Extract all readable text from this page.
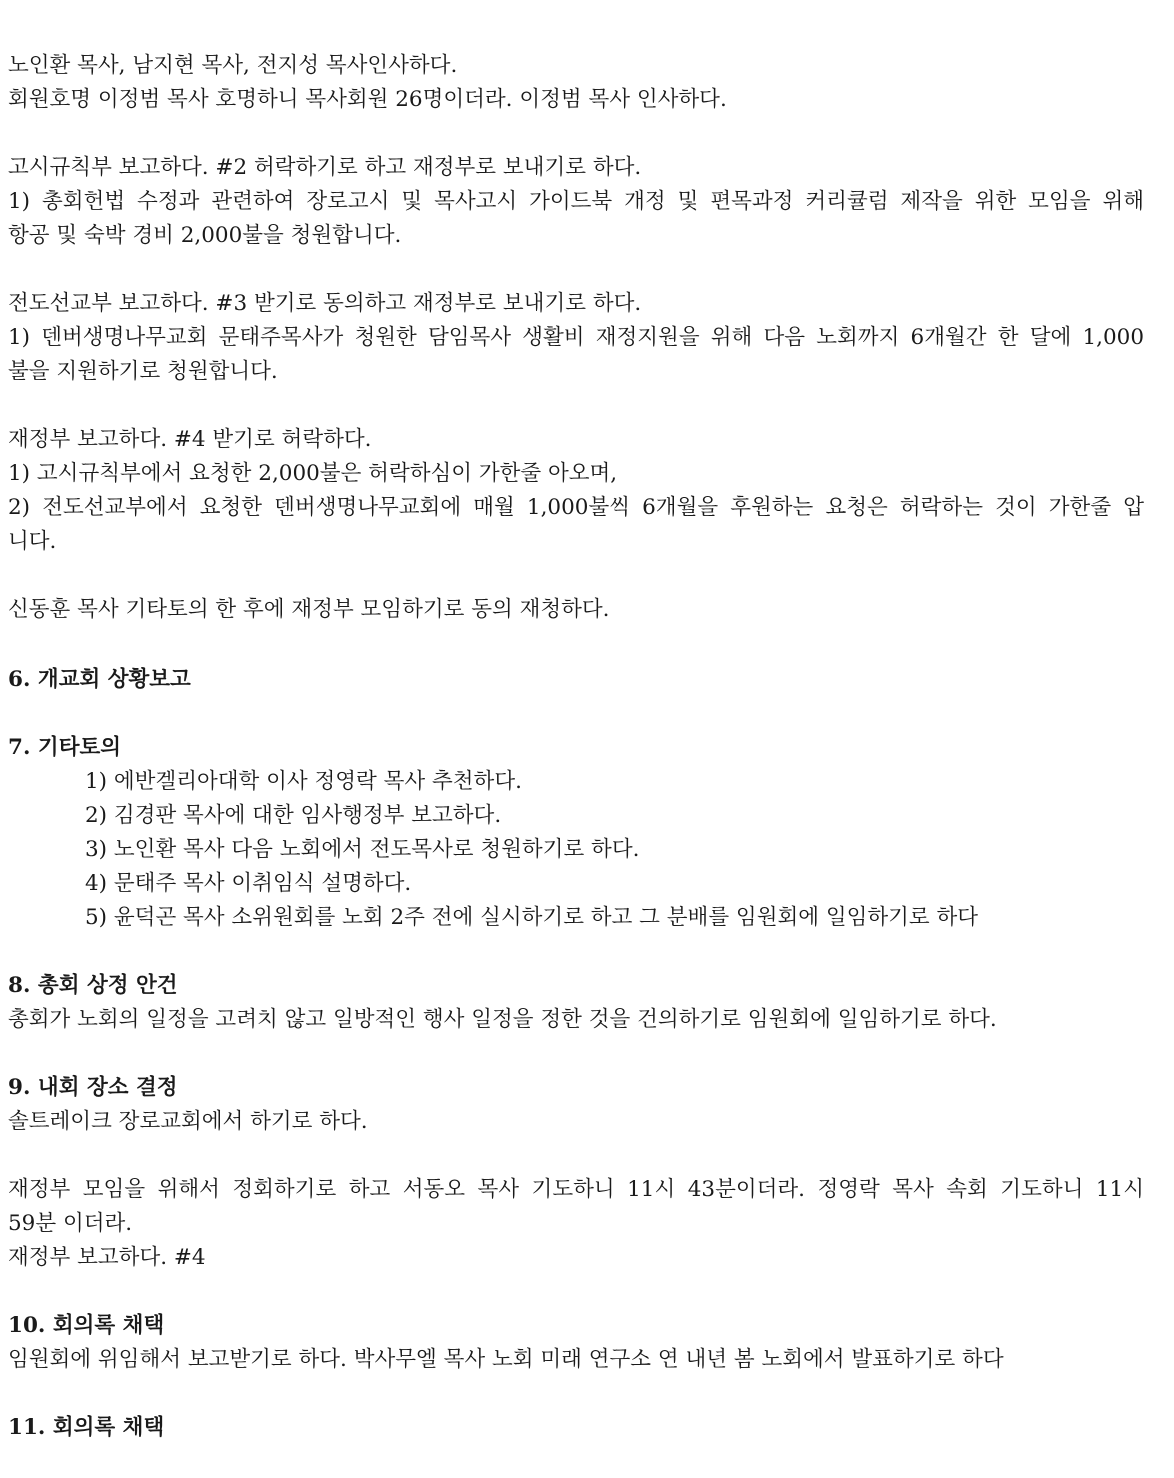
노인환 목사, 남지현 목사, 전지성 목사인사하다.
회원호명 이정범 목사 호명하니 목사회원 26명이더라. 이정범 목사 인사하다.
고시규칙부 보고하다. #2 허락하기로 하고 재정부로 보내기로 하다.
1) 총회헌법 수정과 관련하여 장로고시 및 목사고시 가이드북 개정 및 편목과정 커리큘럼 제작을 위한 모임을 위해
항공 및 숙박 경비 2,000불을 청원합니다.
전도선교부 보고하다. #3 받기로 동의하고 재정부로 보내기로 하다.
1) 덴버생명나무교회 문태주목사가 청원한 담임목사 생활비 재정지원을 위해 다음 노회까지 6개월간 한 달에 1,000
불을 지원하기로 청원합니다.
재정부 보고하다. #4 받기로 허락하다.
1) 고시규칙부에서 요청한 2,000불은 허락하심이 가한줄 아오며,
2) 전도선교부에서 요청한 덴버생명나무교회에 매월 1,000불씩 6개월을 후원하는 요청은 허락하는 것이 가한줄 압
니다.
신동훈 목사 기타토의 한 후에 재정부 모임하기로 동의 재청하다.
6. 개교회 상황보고
7. 기타토의
1) 에반겔리아대학 이사 정영락 목사 추천하다.
2) 김경판 목사에 대한 임사행정부 보고하다.
3) 노인환 목사 다음 노회에서 전도목사로 청원하기로 하다.
4) 문태주 목사 이취임식 설명하다.
5) 윤덕곤 목사 소위원회를 노회 2주 전에 실시하기로 하고 그 분배를 임원회에 일임하기로 하다
8. 총회 상정 안건
총회가 노회의 일정을 고려치 않고 일방적인 행사 일정을 정한 것을 건의하기로 임원회에 일임하기로 하다.
9. 내회 장소 결정
솔트레이크 장로교회에서 하기로 하다.
재정부 모임을 위해서 정회하기로 하고 서동오 목사 기도하니 11시 43분이더라. 정영락 목사 속회 기도하니 11시
59분 이더라.
재정부 보고하다. #4
10. 회의록 채택
임원회에 위임해서 보고받기로 하다. 박사무엘 목사 노회 미래 연구소 연 내년 봄 노회에서 발표하기로 하다
11. 회의록 채택
